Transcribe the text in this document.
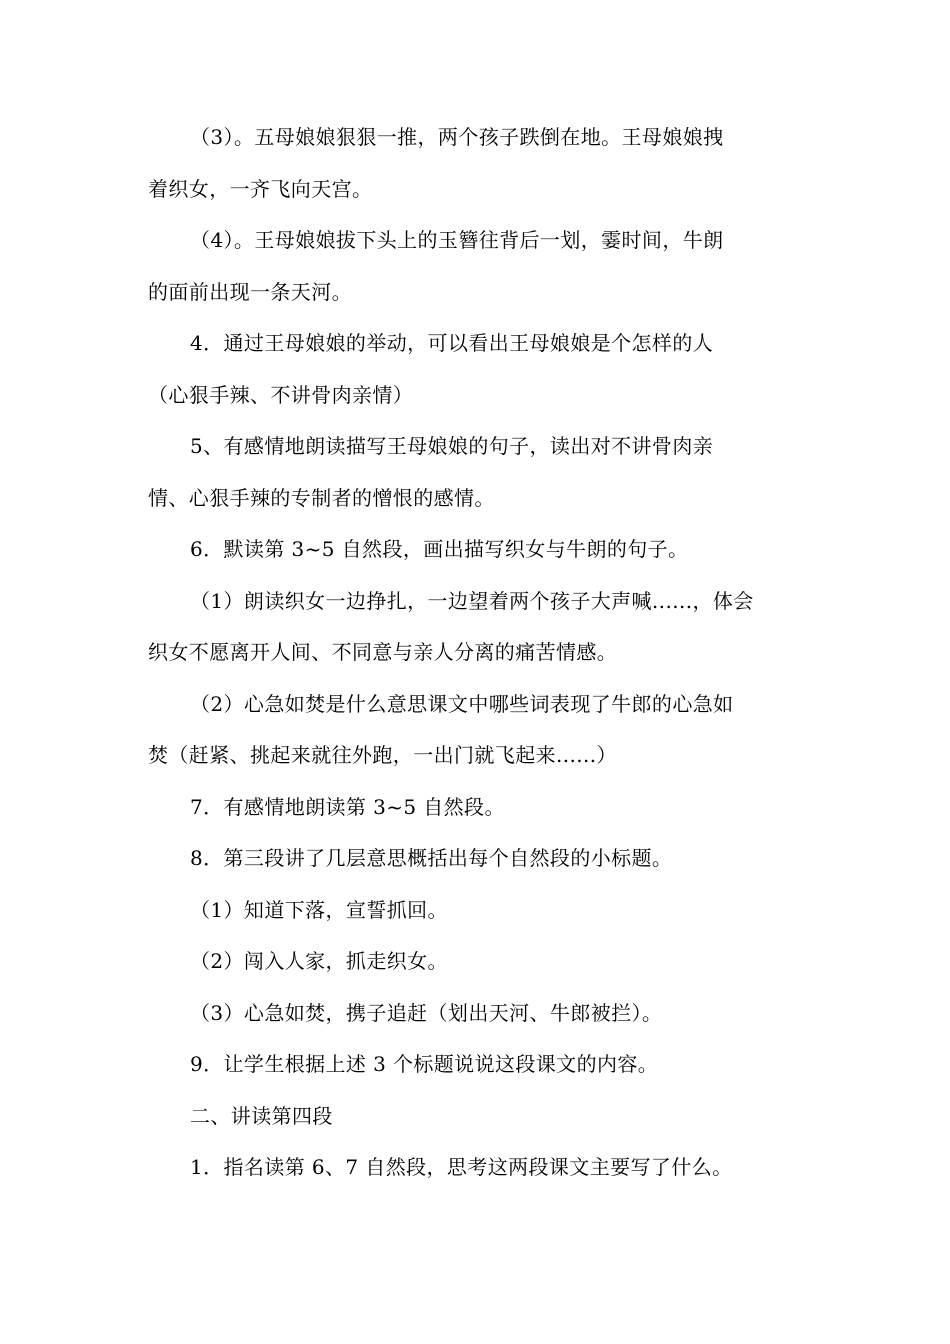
（3）。五母娘娘狠狠一推，两个孩子跌倒在地。王母娘娘拽
着织女，一齐飞向天宫。

（4）。王母娘娘拔下头上的玉簪往背后一划，霎时间，牛朗
的面前出现一条天河。

4．通过王母娘娘的举动，可以看出王母娘娘是个怎样的人
（心狠手辣、不讲骨肉亲情）

5、有感情地朗读描写王母娘娘的句子，读出对不讲骨肉亲
情、心狠手辣的专制者的憎恨的感情。

6．默读第 3~5 自然段，画出描写织女与牛朗的句子。

（1）朗读织女一边挣扎，一边望着两个孩子大声喊......，体会
织女不愿离开人间、不同意与亲人分离的痛苦情感。

（2）心急如焚是什么意思课文中哪些词表现了牛郎的心急如
焚（赶紧、挑起来就往外跑，一出门就飞起来......）

7．有感情地朗读第 3~5 自然段。

8．第三段讲了几层意思概括出每个自然段的小标题。

（1）知道下落，宣誓抓回。

（2）闯入人家，抓走织女。

（3）心急如焚，携子追赶（划出天河、牛郎被拦）。

9．让学生根据上述 3 个标题说说这段课文的内容。

二、讲读第四段

1．指名读第 6、7 自然段，思考这两段课文主要写了什么。
